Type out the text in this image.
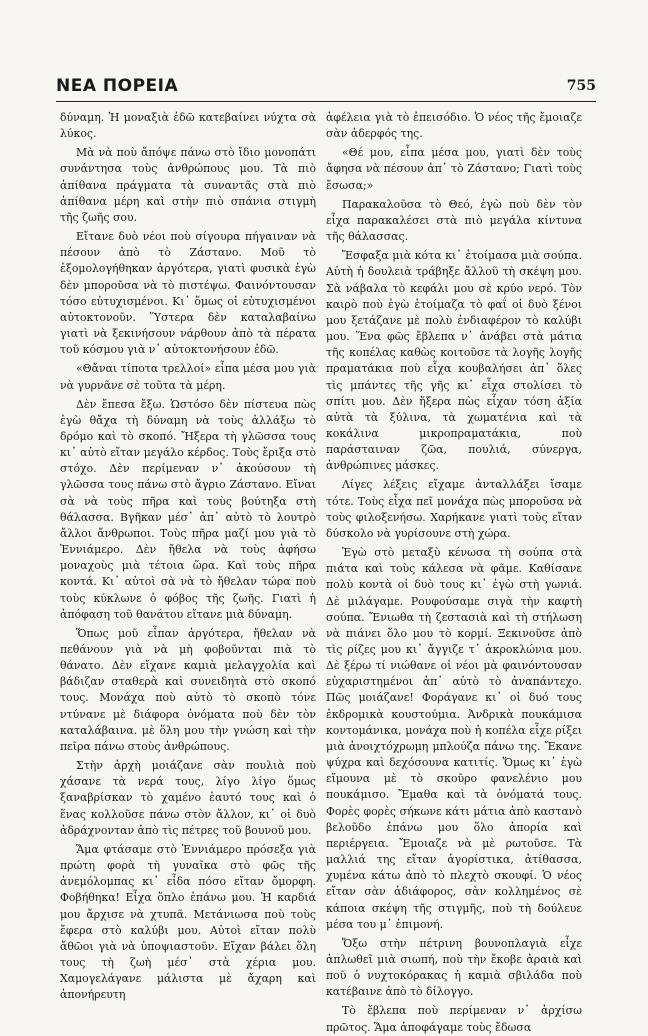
ΝΕΑ ΠΟΡΕΙΑ	755

δύναμη. Ἡ μοναξιὰ ἐδῶ κατεβαίνει νύχτα σὰ λύκος.

Μὰ νὰ ποὺ ἄπόψε πάνω στὸ ἴδιο μονοπάτι συνάντησα τοὺς ἀνθρώπους μου. Τὰ πιὸ ἀπίθανα πράγματα τὰ συναντᾶς στὰ πιὸ ἀπίθανα μέρη καὶ στὴν πιὸ σπάνια στιγμὴ τῆς ζωῆς σου.

Εἴτανε δυὸ νέοι ποὺ σίγουρα πήγαιναν νὰ πέσουν ἀπὸ τὸ Ζάστανο. Μοῦ τὸ ἐξομολογήθηκαν ἀργότερα, γιατὶ φυσικὰ ἐγὼ δὲν μποροῦσα νὰ τὸ πιστέψω. Φαινόντουσαν τόσο εὐτυχισμένοι. Κι᾿ ὅμως οἱ εὐτυχισμένοι αὐτοκτονοῦν. Ὕστερα δὲν καταλαβαίνω γιατὶ νὰ ξεκινήσουν νάρθουν ἀπὸ τὰ πέρατα τοῦ κόσμου γιὰ ν᾿ αὐτοκτονήσουν ἐδῶ.

«Θἄναι τίποτα τρελλοί» εἶπα μέσα μου γιὰ νὰ γυρνᾶνε σὲ τοῦτα τὰ μέρη.

Δὲν ἔπεσα ἔξω. Ὡστόσο δὲν πίστευα πὼς ἐγὼ θἄχα τὴ δύναμη νὰ τοὺς ἀλλάξω τὸ δρόμο καὶ τὸ σκοπό. Ἤξερα τὴ γλῶσσα τους κι᾿ αὐτὸ εἴταν μεγάλο κέρδος. Τοὺς ἔριξα στὸ στόχο. Δὲν περίμεναν ν᾿ ἀκούσουν τὴ γλῶσσα τους πάνω στὸ ἄγριο Ζάστανο. Εἴναι σὰ νὰ τοὺς πῆρα καὶ τοὺς βούτηξα στὴ θάλασσα. Βγῆκαν μέσ᾿ ἀπ᾿ αὐτὸ τὸ λουτρὸ ἄλλοι ἄνθρωποι. Τοὺς πῆρα μαζί μου γιὰ τὸ Ἐννιάμερο. Δὲν ἤθελα νὰ τοὺς ἀφήσω μοναχοὺς μιὰ τέτοια ὥρα. Καὶ τοὺς πῆρα κοντά. Κι᾿ αὐτοὶ σὰ νὰ τὸ ἤθελαν τώρα ποὺ τοὺς κύκλωνε ὁ φόβος τῆς ζωῆς. Γιατὶ ἡ ἀπόφαση τοῦ θανάτου εἴτανε μιὰ δύναμη.

Ὅπως μοῦ εἶπαν ἀργότερα, ἤθελαν νὰ πεθάνουν γιὰ νὰ μὴ φοβοῦνται πιὰ τὸ θάνατο. Δὲν εἴχανε καμιὰ μελαγχολία καὶ βάδιζαν σταθερὰ καὶ συνειδητὰ στὸ σκοπό τους. Μονάχα ποὺ αὐτὸ τὸ σκοπὸ τόνε ντύνανε μὲ διάφορα ὀνόματα ποὺ δὲν τὸν καταλάβαινα. μὲ ὅλη μου τὴν γνώση καὶ τὴν πεῖρα πάνω στοὺς ἀνθρώπους.

Στὴν ἀρχὴ μοιάζανε σὰν πουλιὰ ποὺ χάσανε τὰ νερά τους, λίγο λίγο ὅμως ξαναβρίσκαν τὸ χαμένο ἑαυτό τους καὶ ὁ ἕνας κολλοῦσε πάνω στὸν ἄλλον, κι᾿ οἱ δυὸ ἀδράχνονταν ἀπὸ τὶς πέτρες τοῦ βουνοῦ μου.

Ἅμα φτάσαμε στὸ Ἐννιάμερο πρόσεξα γιὰ πρώτη φορὰ τὴ γυναῖκα στὸ φῶς τῆς ἀνεμόλομπας κι᾿ εἶδα πόσο εἴταν ὄμορφη. Φοβήθηκα! Εἶχα ὅπλο ἐπάνω μου. Ἡ καρδιά μου ἄρχισε νὰ χτυπᾶ. Μετάνιωσα ποὺ τοὺς ἔφερα στὸ καλύβι μου. Αὐτοὶ εἴταν πολὺ ἄθῶοι γιὰ νὰ ὑποψιαστοῦν. Εἴχαν βάλει ὅλη τους τὴ ζωὴ μέσ᾿ στὰ χέρια μου. Χαμογελάγανε μάλιστα μὲ ἄχαρη καὶ ἀπονήρευτη

ἀφέλεια γιὰ τὸ ἐπεισόδιο. Ὁ νέος τῆς ἔμοιαζε σὰν ἀδερφός της.

«Θέ μου, εἶπα μέσα μου, γιατὶ δὲν τοὺς ἄφησα νὰ πέσουν ἀπ᾿ τὸ Ζάστανο; Γιατὶ τοὺς ἔσωσα;»

Παρακαλοῦσα τὸ Θεό, ἐγὼ ποὺ δὲν τὸν εἶχα παρακαλέσει στὰ πιὸ μεγάλα κίντυνα τῆς θάλασσας.

Ἔσφαξα μιὰ κότα κι᾿ ἑτοίμασα μιὰ σούπα. Αὐτὴ ἡ δουλειὰ τράβηξε ἄλλοῦ τὴ σκέψη μου. Σὰ νάβαλα τὸ κεφάλι μου σὲ κρύο νερό. Τὸν καιρὸ ποὺ ἐγὼ ἑτοίμαζα τὸ φαΐ οἱ δυὸ ξένοι μου ξετάζανε μὲ πολὺ ἐνδιαφέρον τὸ καλύβι μου. Ἕνα φῶς ἔβλεπα ν᾿ ἀνάβει στὰ μάτια τῆς κοπέλας καθὼς κοιτοῦσε τὰ λογῆς λογῆς πραματάκια ποὺ εἶχα κουβαλήσει ἀπ᾿ ὅλες τὶς μπάντες τῆς γῆς κι᾿ εἶχα στολίσει τὸ σπίτι μου. Δὲν ἤξερα πὼς εἶχαν τόση ἀξία αὐτὰ τὰ ξύλινα, τὰ χωματένια καὶ τὰ κοκάλινα μικροπραματάκια, ποὺ παράσταιναν ζῶα, πουλιά, σύνεργα, ἀνθρώπινες μάσκες.

Λίγες λέξεις εἴχαμε ἀνταλλάξει ἴσαμε τότε. Τοὺς εἶχα πεῖ μονάχα πὼς μποροῦσα νὰ τοὺς φιλοξενήσω. Χαρήκανε γιατὶ τοὺς εἴταν δύσκολο νὰ γυρίσουνε στὴ χώρα.

Ἐγὼ στὸ μεταξὺ κένωσα τὴ σούπα στὰ πιάτα καὶ τοὺς κάλεσα νὰ φᾶμε. Καθίσανε πολὺ κοντὰ οἱ δυὸ τους κι᾿ ἐγὼ στὴ γωνιά. Δὲ μιλάγαμε. Ρουφούσαμε σιγὰ τὴν καφτὴ σούπα. Ἔνιωθα τὴ ζεστασιὰ καὶ τὴ στήλωση νὰ πιάνει ὅλο μου τὸ κορμί. Ξεκινοῦσε ἀπὸ τὶς ρίζες μου κι᾿ ἄγγιζε τ᾿ ἀκροκλώνια μου. Δὲ ξέρω τί νιώθανε οἱ νέοι μὰ φαινόντουσαν εὐχαριστημένοι ἀπ᾿ αὐτὸ τὸ ἀναπάντεχο. Πῶς μοιάζανε! Φοράγανε κι᾿ οἱ δυό τους ἐκδρομικὰ κουστούμια. Ἀνδρικὰ πουκάμισα κοντομάνικα, μονάχα ποὺ ἡ κοπέλα εἶχε ρίξει μιὰ ἀνοιχτόχρωμη μπλούζα πάνω της. Ἔκανε ψύχρα καὶ δεχόσουνα κατιτίς. Ὅμως κι᾿ ἐγὼ εἴμουνα μὲ τὸ σκοῦρο φανελένιο μου πουκάμισο. Ἔμαθα καὶ τὰ ὀνόματά τους. Φορὲς φορὲς σήκωνε κάτι μάτια ἀπὸ καστανὸ βελοῦδο ἐπάνω μου ὅλο ἀπορία καὶ περιέργεια. Ἔμοιαζε νὰ μὲ ρωτοῦσε. Τὰ μαλλιά της εἴταν ἀγορίστικα, ἀτίθασσα, χυμένα κάτω ἀπὸ τὸ πλεχτὸ σκουφί. Ὁ νέος εἴταν σὰν ἀδιάφορος, σὰν κολλημένος σὲ κάποια σκέψη τῆς στιγμῆς, ποὺ τὴ δούλευε μέσα του μ᾿ ἐπιμονή.

Ὄξω στὴν πέτρινη βουνοπλαγιὰ εἶχε ἁπλωθεῖ μιὰ σιωπή, ποὺ τὴν ἔκοβε ἀραιὰ καὶ ποῦ ὁ νυχτοκόρακας ἡ καμιὰ σβιλάδα ποὺ κατέβαινε ἀπὸ τὸ δίλογγο.

Τὸ ἔβλεπα ποὺ περίμεναν ν᾿ ἀρχίσω πρῶτος. Ἅμα ἀποφάγαμε τοὺς ἔδωσα
